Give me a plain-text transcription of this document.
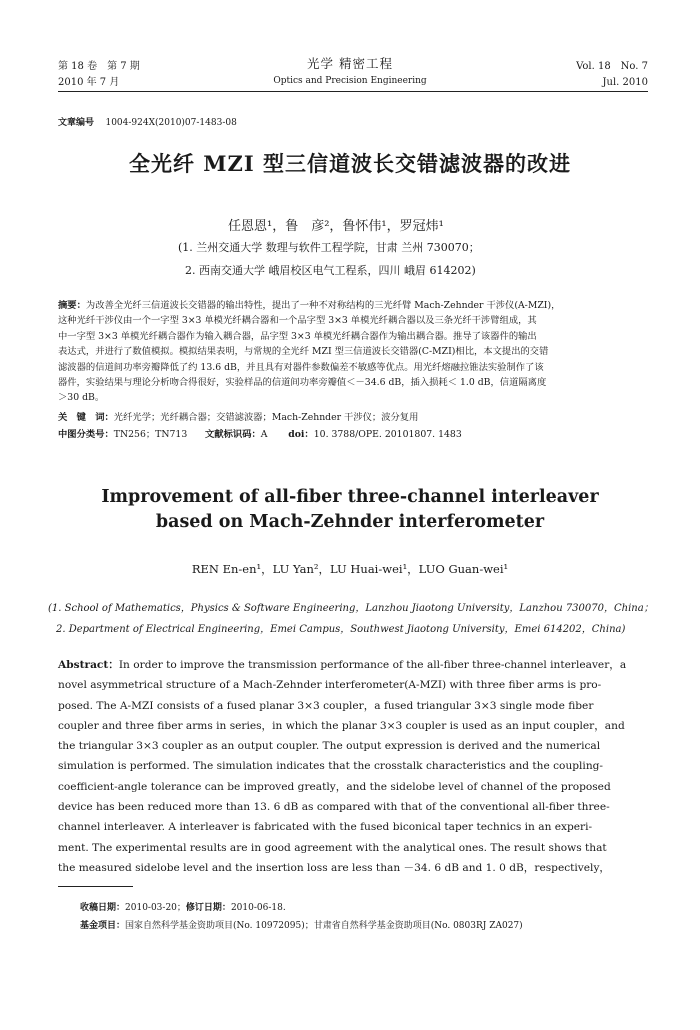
第 18 卷　第 7 期
2010 年 7 月
光学 精密工程
Optics and Precision Engineering
Vol. 18　No. 7
Jul. 2010
文章编号 1004-924X(2010)07-1483-08
全光纤 MZI 型三信道波长交错滤波器的改进
任恩恩¹，鲁　彦²，鲁怀伟¹，罗冠炜¹
(1. 兰州交通大学 数理与软件工程学院，甘肃 兰州 730070；
2. 西南交通大学 峨眉校区电气工程系，四川 峨眉 614202)
摘要：为改善全光纤三信道波长交错器的输出特性，提出了一种不对称结构的三光纤臂 Mach-Zehnder 干涉仪(A-MZI)，
这种光纤干涉仪由一个一字型 3×3 单模光纤耦合器和一个品字型 3×3 单模光纤耦合器以及三条光纤干涉臂组成，其
中一字型 3×3 单模光纤耦合器作为输入耦合器，品字型 3×3 单模光纤耦合器作为输出耦合器。推导了该器件的输出
表达式，并进行了数值模拟。模拟结果表明，与常规的全光纤 MZI 型三信道波长交错器(C-MZI)相比，本文提出的交错
滤波器的信道间功率旁瓣降低了约 13.6 dB，并且具有对器件参数偏差不敏感等优点。用光纤熔融拉锥法实验制作了该
器件，实验结果与理论分析吻合得很好，实验样品的信道间功率旁瓣值＜－34.6 dB，插入损耗＜ 1.0 dB，信道隔离度
＞30 dB。
关　键　词：光纤光学；光纤耦合器；交错滤波器；Mach-Zehnder 干涉仪；波分复用
中图分类号：TN256；TN713 文献标识码：A doi：10. 3788/OPE. 20101807. 1483
Improvement of all-fiber three-channel interleaver
based on Mach-Zehnder interferometer
REN En-en¹，LU Yan²，LU Huai-wei¹，LUO Guan-wei¹
(1. School of Mathematics，Physics & Software Engineering，Lanzhou Jiaotong University，Lanzhou 730070，China；
2. Department of Electrical Engineering，Emei Campus，Southwest Jiaotong University，Emei 614202，China)
Abstract：In order to improve the transmission performance of the all-fiber three-channel interleaver，a
novel asymmetrical structure of a Mach-Zehnder interferometer(A-MZI) with three fiber arms is pro-
posed. The A-MZI consists of a fused planar 3×3 coupler，a fused triangular 3×3 single mode fiber
coupler and three fiber arms in series，in which the planar 3×3 coupler is used as an input coupler，and
the triangular 3×3 coupler as an output coupler. The output expression is derived and the numerical
simulation is performed. The simulation indicates that the crosstalk characteristics and the coupling-
coefficient-angle tolerance can be improved greatly，and the sidelobe level of channel of the proposed
device has been reduced more than 13. 6 dB as compared with that of the conventional all-fiber three-
channel interleaver. A interleaver is fabricated with the fused biconical taper technics in an experi-
ment. The experimental results are in good agreement with the analytical ones. The result shows that
the measured sidelobe level and the insertion loss are less than －34. 6 dB and 1. 0 dB，respectively，
收稿日期：2010-03-20；修订日期：2010-06-18.
基金项目：国家自然科学基金资助项目(No. 10972095)；甘肃省自然科学基金资助项目(No. 0803RJ ZA027)
